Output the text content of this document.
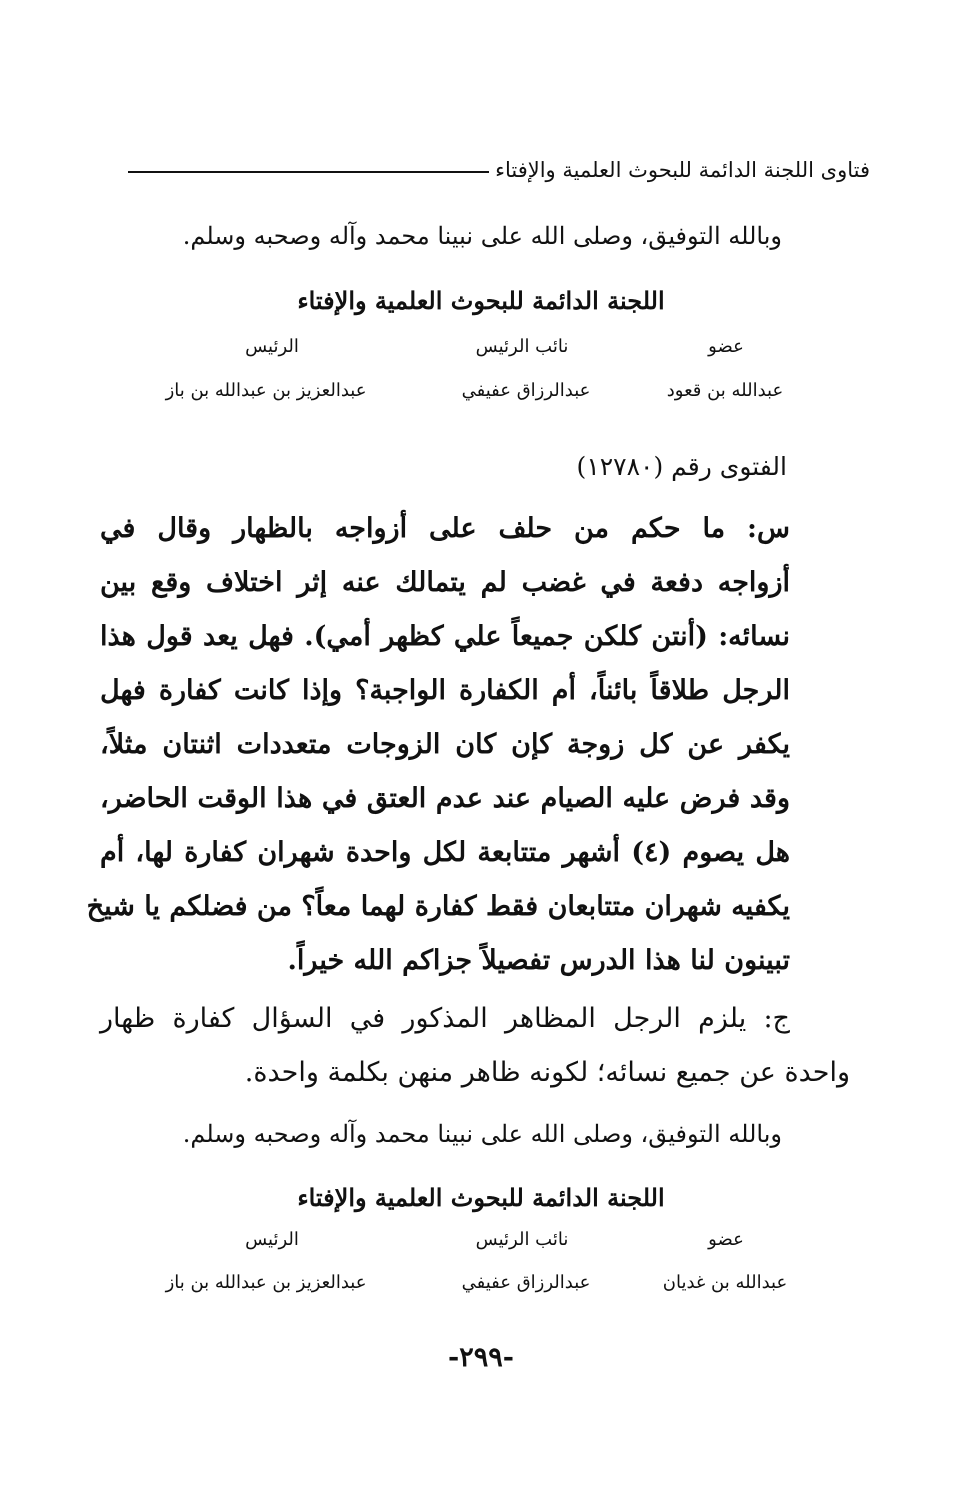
فتاوى اللجنة الدائمة للبحوث العلمية والإفتاء
وبالله التوفيق، وصلى الله على نبينا محمد وآله وصحبه وسلم.
اللجنة الدائمة للبحوث العلمية والإفتاء
عضو
نائب الرئيس
الرئيس
عبدالله بن قعود
عبدالرزاق عفيفي
عبدالعزيز بن عبدالله بن باز
الفتوى رقم (١٢٧٨٠)
س: ما حكم من حلف على أزواجه بالظهار وقال في
أزواجه دفعة في غضب لم يتمالك عنه إثر اختلاف وقع بين
نسائه: (أنتن كلكن جميعاً علي كظهر أمي). فهل يعد قول هذا
الرجل طلاقاً بائناً، أم الكفارة الواجبة؟ وإذا كانت كفارة فهل
يكفر عن كل زوجة كإن كان الزوجات متعددات اثنتان مثلاً،
وقد فرض عليه الصيام عند عدم العتق في هذا الوقت الحاضر،
هل يصوم (٤) أشهر متتابعة لكل واحدة شهران كفارة لها، أم
يكفيه شهران متتابعان فقط كفارة لهما معاً؟ من فضلكم يا شيخ
تبينون لنا هذا الدرس تفصيلاً جزاكم الله خيراً.
ج: يلزم الرجل المظاهر المذكور في السؤال كفارة ظهار
واحدة عن جميع نسائه؛ لكونه ظاهر منهن بكلمة واحدة.
وبالله التوفيق، وصلى الله على نبينا محمد وآله وصحبه وسلم.
اللجنة الدائمة للبحوث العلمية والإفتاء
عضو
نائب الرئيس
الرئيس
عبدالله بن غديان
عبدالرزاق عفيفي
عبدالعزيز بن عبدالله بن باز
-٢٩٩-
